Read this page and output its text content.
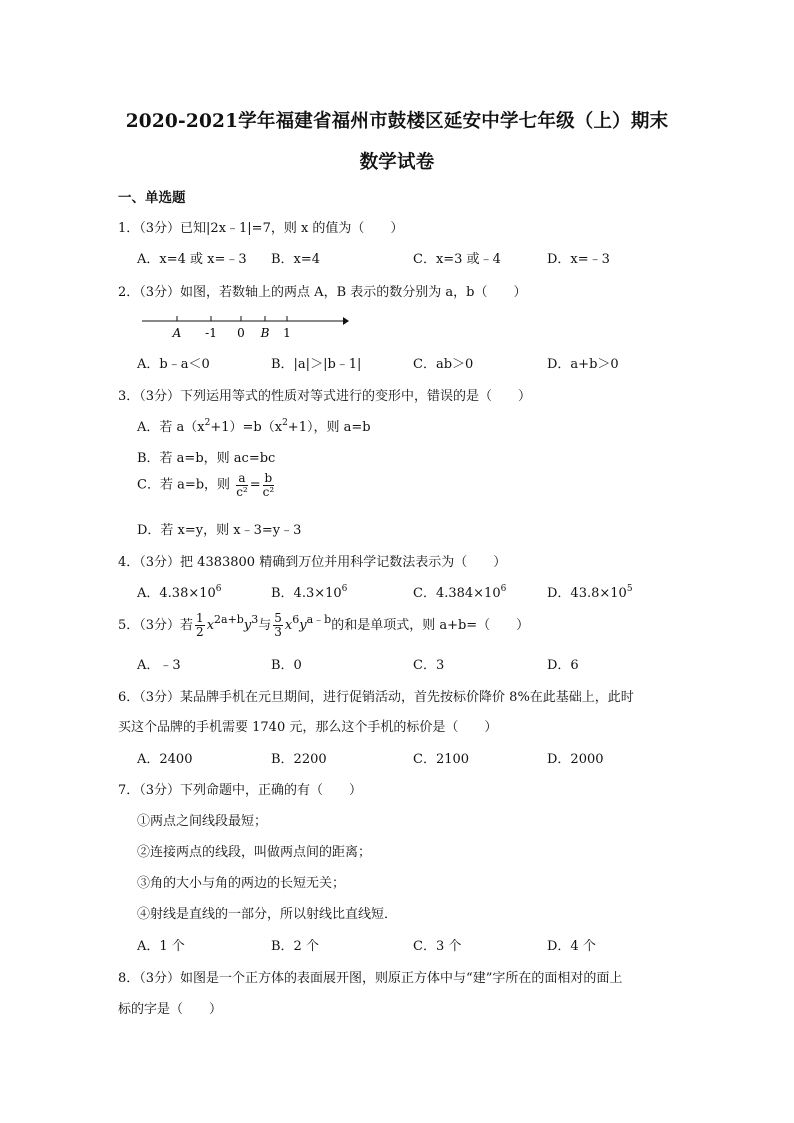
2020-2021学年福建省福州市鼓楼区延安中学七年级（上）期末
数学试卷
一、单选题
1．（3分）已知|2x﹣1|=7，则 x 的值为（　　）
A．x=4 或 x=﹣3 B．x=4	C．x=3 或﹣4	D．x=﹣3
2．（3分）如图，若数轴上的两点 A，B 表示的数分别为 a，b（　　）
A -1 0 B 1
A．b﹣a＜0	B．|a|＞|b﹣1|	C．ab＞0	D．a+b＞0
3．（3分）下列运用等式的性质对等式进行的变形中，错误的是（　　）
A．若 $a(x^2+1)=b(x^2+1)$，则 a=b
B．若 a=b，则 ac=bc
C．若 a=b，则 $\frac{a}{\text{c²}} = \frac{b}{\text{c²}}$
D．若 x=y，则 x﹣3=y﹣3
4．（3分）把 4383800 精确到万位并用科学记数法表示为（　　）
A．$4.38\times 10^6$	B．$4.3\times 10^6$	C．$4.384\times 10^6$	D．$43.8\times 10^5$
5．（3分）若 $\frac{1}{2} x^{2a+b}y^3$与 $\frac{5}{3} x^6y^{a﹣b}$的和是单项式，则 a+b=（　　）
A．﹣3	B．0	C．3	D．6
6．（3分）某品牌手机在元旦期间，进行促销活动，首先按标价降价 8%在此基础上，此时
买这个品牌的手机需要 1740 元，那么这个手机的标价是（　　）
A．2400	B．2200	C．2100	D．2000
7．（3分）下列命题中，正确的有（　　）
①两点之间线段最短；
②连接两点的线段，叫做两点间的距离；
③角的大小与角的两边的长短无关；
④射线是直线的一部分，所以射线比直线短．
A．1 个	B．2 个	C．3 个	D．4 个
8．（3分）如图是一个正方体的表面展开图，则原正方体中与“建”字所在的面相对的面上
标的字是（　　）
